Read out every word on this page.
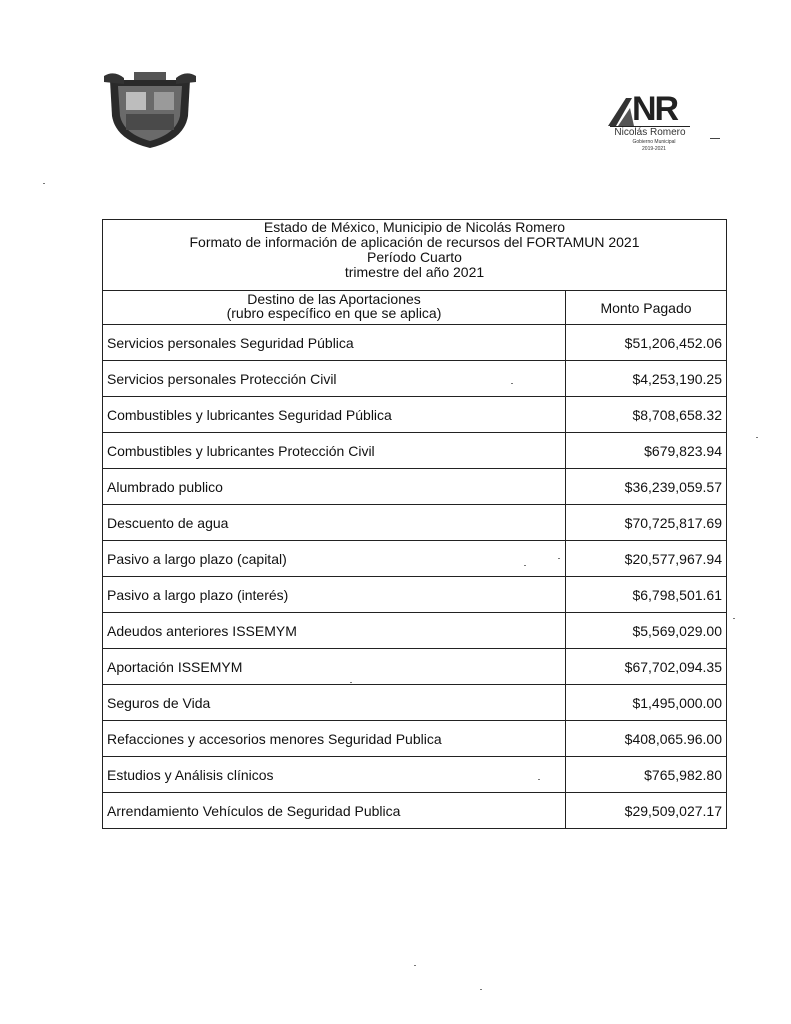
NR
Nicolás Romero
Gobierno Municipal
2019-2021
Estado de México, Municipio de Nicolás Romero
Formato de información de aplicación de recursos del FORTAMUN 2021
Período Cuarto
trimestre del año 2021	

Destino de las Aportaciones
(rubro específico en que se aplica)	Monto Pagado
Servicios personales Seguridad Pública	$51,206,452.06
Servicios personales Protección Civil	$4,253,190.25
Combustibles y lubricantes Seguridad Pública	$8,708,658.32
Combustibles y lubricantes Protección Civil	$679,823.94
Alumbrado publico	$36,239,059.57
Descuento de agua	$70,725,817.69
Pasivo a largo plazo (capital)	$20,577,967.94
Pasivo a largo plazo (interés)	$6,798,501.61
Adeudos anteriores ISSEMYM	$5,569,029.00
Aportación ISSEMYM	$67,702,094.35
Seguros de Vida	$1,495,000.00
Refacciones y accesorios menores Seguridad Publica	$408,065.96.00
Estudios y Análisis clínicos	$765,982.80
Arrendamiento Vehículos de Seguridad Publica	$29,509,027.17
